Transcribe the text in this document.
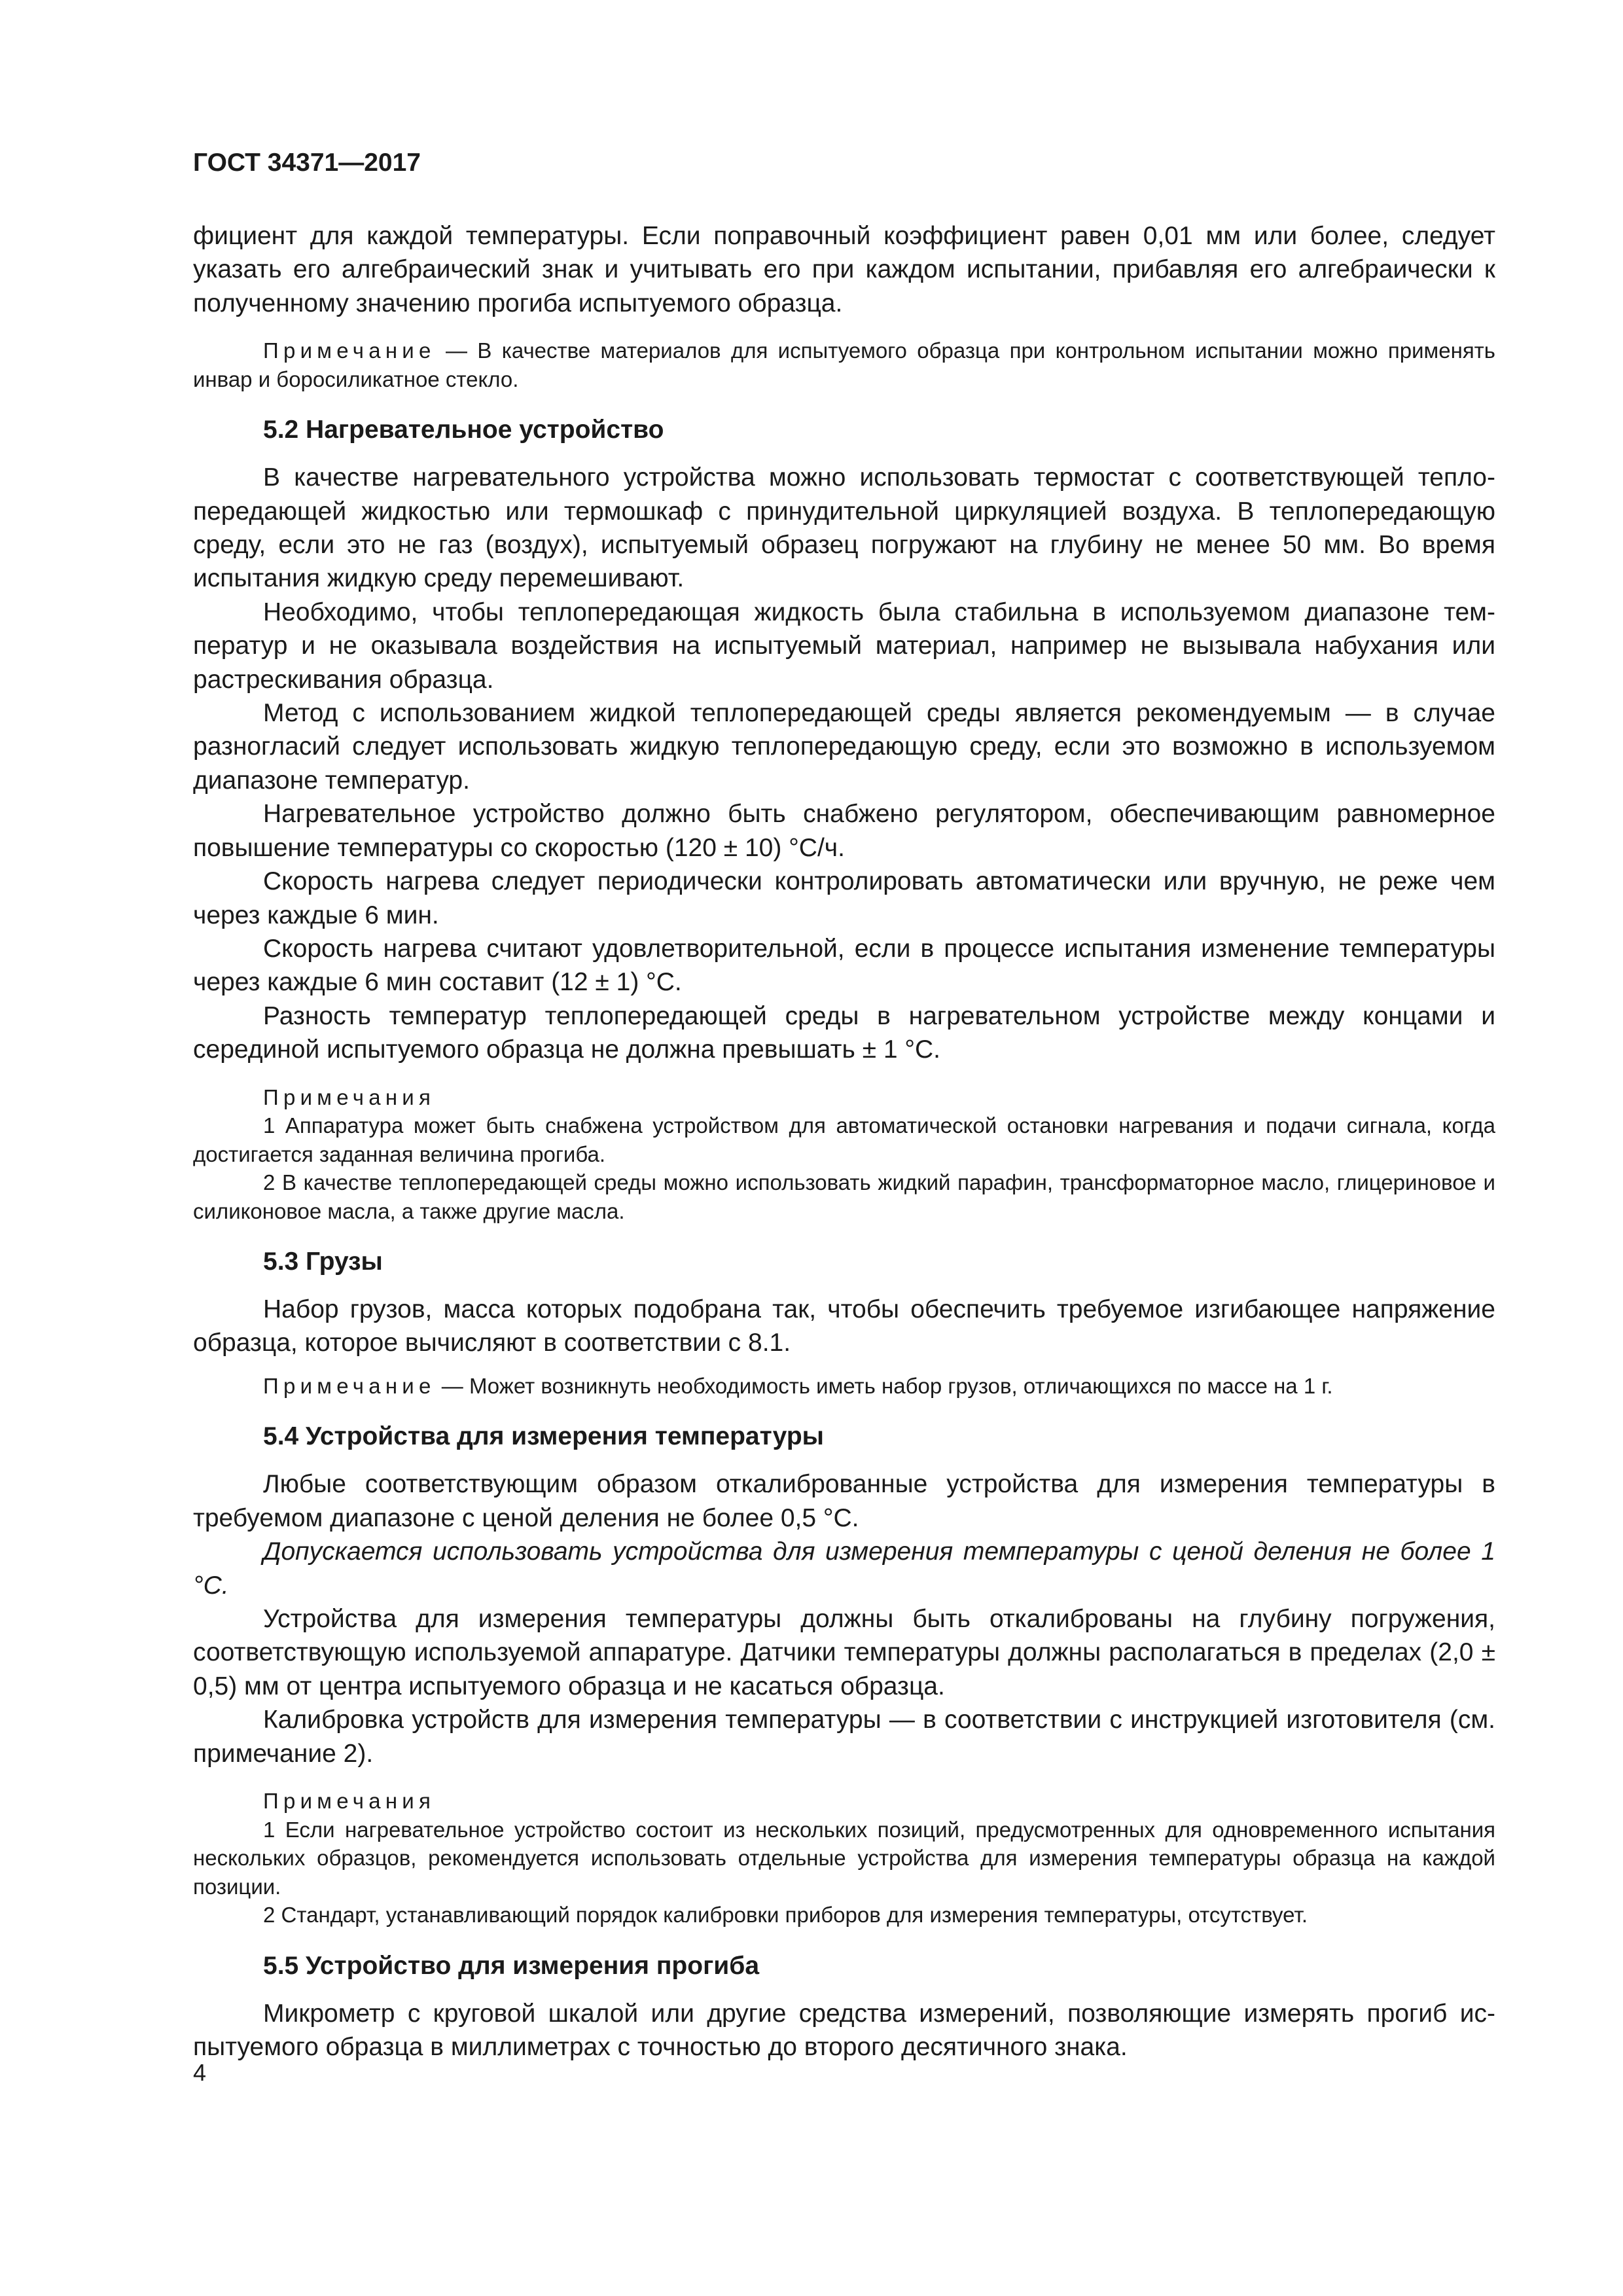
ГОСТ 34371—2017

фициент для каждой температуры. Если поправочный коэффициент равен 0,01 мм или более, следует указать его алгебраический знак и учитывать его при каждом испытании, прибавляя его алгебраически к полученному значению прогиба испытуемого образца.

Примечание — В качестве материалов для испытуемого образца при контрольном испытании можно применять инвар и боросиликатное стекло.

5.2 Нагревательное устройство

В качестве нагревательного устройства можно использовать термостат с соответствующей теплопередающей жидкостью или термошкаф с принудительной циркуляцией воздуха. В теплопередающую среду, если это не газ (воздух), испытуемый образец погружают на глубину не менее 50 мм. Во время испытания жидкую среду перемешивают.

Необходимо, чтобы теплопередающая жидкость была стабильна в используемом диапазоне температур и не оказывала воздействия на испытуемый материал, например не вызывала набухания или растрескивания образца.

Метод с использованием жидкой теплопередающей среды является рекомендуемым — в случае разногласий следует использовать жидкую теплопередающую среду, если это возможно в используемом диапазоне температур.

Нагревательное устройство должно быть снабжено регулятором, обеспечивающим равномерное повышение температуры со скоростью (120 ± 10) °С/ч.

Скорость нагрева следует периодически контролировать автоматически или вручную, не реже чем через каждые 6 мин.

Скорость нагрева считают удовлетворительной, если в процессе испытания изменение температуры через каждые 6 мин составит (12 ± 1) °С.

Разность температур теплопередающей среды в нагревательном устройстве между концами и серединой испытуемого образца не должна превышать ± 1 °С.

Примечания

1 Аппаратура может быть снабжена устройством для автоматической остановки нагревания и подачи сигнала, когда достигается заданная величина прогиба.

2 В качестве теплопередающей среды можно использовать жидкий парафин, трансформаторное масло, глицериновое и силиконовое масла, а также другие масла.

5.3 Грузы

Набор грузов, масса которых подобрана так, чтобы обеспечить требуемое изгибающее напряжение образца, которое вычисляют в соответствии с 8.1.

Примечание — Может возникнуть необходимость иметь набор грузов, отличающихся по массе на 1 г.

5.4 Устройства для измерения температуры

Любые соответствующим образом откалиброванные устройства для измерения температуры в требуемом диапазоне с ценой деления не более 0,5 °С.

Допускается использовать устройства для измерения температуры с ценой деления не более 1 °С.

Устройства для измерения температуры должны быть откалиброваны на глубину погружения, соответствующую используемой аппаратуре. Датчики температуры должны располагаться в пределах (2,0 ± 0,5) мм от центра испытуемого образца и не касаться образца.

Калибровка устройств для измерения температуры — в соответствии с инструкцией изготовителя (см. примечание 2).

Примечания

1 Если нагревательное устройство состоит из нескольких позиций, предусмотренных для одновременного испытания нескольких образцов, рекомендуется использовать отдельные устройства для измерения температуры образца на каждой позиции.

2 Стандарт, устанавливающий порядок калибровки приборов для измерения температуры, отсутствует.

5.5 Устройство для измерения прогиба

Микрометр с круговой шкалой или другие средства измерений, позволяющие измерять прогиб испытуемого образца в миллиметрах с точностью до второго десятичного знака.

4
